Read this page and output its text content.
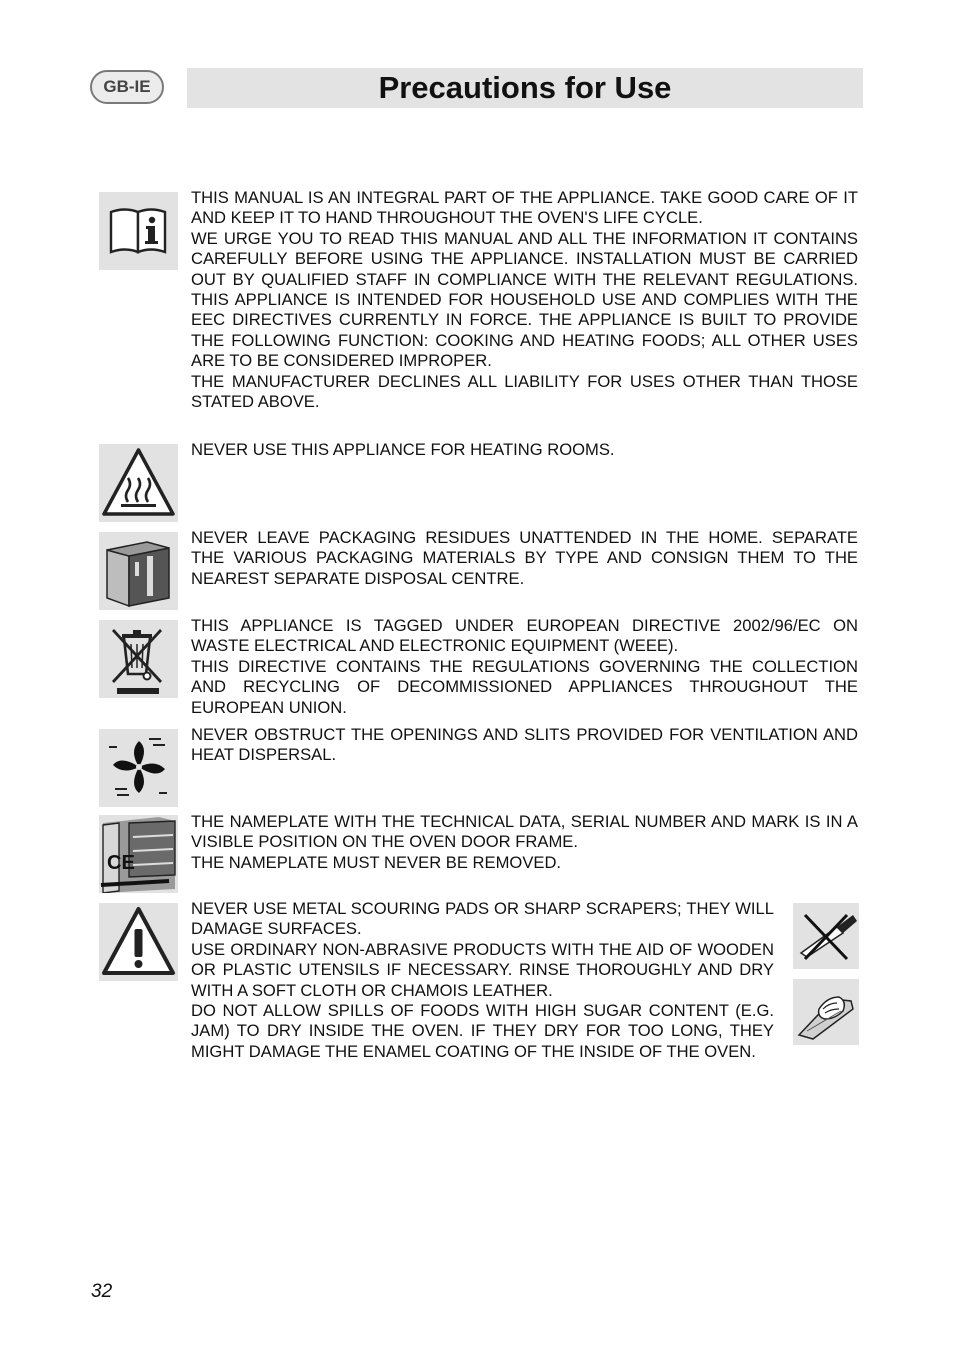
GB-IE	Precautions for Use

THIS MANUAL IS AN INTEGRAL PART OF THE APPLIANCE. TAKE GOOD CARE OF IT AND KEEP IT TO HAND THROUGHOUT THE OVEN'S LIFE CYCLE.

WE URGE YOU TO READ THIS MANUAL AND ALL THE INFORMATION IT CONTAINS CAREFULLY BEFORE USING THE APPLIANCE. INSTALLATION MUST BE CARRIED OUT BY QUALIFIED STAFF IN COMPLIANCE WITH THE RELEVANT REGULATIONS. THIS APPLIANCE IS INTENDED FOR HOUSEHOLD USE AND COMPLIES WITH THE EEC DIRECTIVES CURRENTLY IN FORCE. THE APPLIANCE IS BUILT TO PROVIDE THE FOLLOWING FUNCTION: COOKING AND HEATING FOODS; ALL OTHER USES ARE TO BE CONSIDERED IMPROPER.

THE MANUFACTURER DECLINES ALL LIABILITY FOR USES OTHER THAN THOSE STATED ABOVE.

NEVER USE THIS APPLIANCE FOR HEATING ROOMS.

NEVER LEAVE PACKAGING RESIDUES UNATTENDED IN THE HOME. SEPARATE THE VARIOUS PACKAGING MATERIALS BY TYPE AND CONSIGN THEM TO THE NEAREST SEPARATE DISPOSAL CENTRE.

THIS APPLIANCE IS TAGGED UNDER EUROPEAN DIRECTIVE 2002/96/EC ON WASTE ELECTRICAL AND ELECTRONIC EQUIPMENT (WEEE).

THIS DIRECTIVE CONTAINS THE REGULATIONS GOVERNING THE COLLECTION AND RECYCLING OF DECOMMISSIONED APPLIANCES THROUGHOUT THE EUROPEAN UNION.

NEVER OBSTRUCT THE OPENINGS AND SLITS PROVIDED FOR VENTILATION AND HEAT DISPERSAL.

CE

THE NAMEPLATE WITH THE TECHNICAL DATA, SERIAL NUMBER AND MARK IS IN A VISIBLE POSITION ON THE OVEN DOOR FRAME.

THE NAMEPLATE MUST NEVER BE REMOVED.

NEVER USE METAL SCOURING PADS OR SHARP SCRAPERS; THEY WILL DAMAGE SURFACES.

USE ORDINARY NON-ABRASIVE PRODUCTS WITH THE AID OF WOODEN OR PLASTIC UTENSILS IF NECESSARY. RINSE THOROUGHLY AND DRY WITH A SOFT CLOTH OR CHAMOIS LEATHER.

DO NOT ALLOW SPILLS OF FOODS WITH HIGH SUGAR CONTENT (E.G. JAM) TO DRY INSIDE THE OVEN. IF THEY DRY FOR TOO LONG, THEY MIGHT DAMAGE THE ENAMEL COATING OF THE INSIDE OF THE OVEN.

32
